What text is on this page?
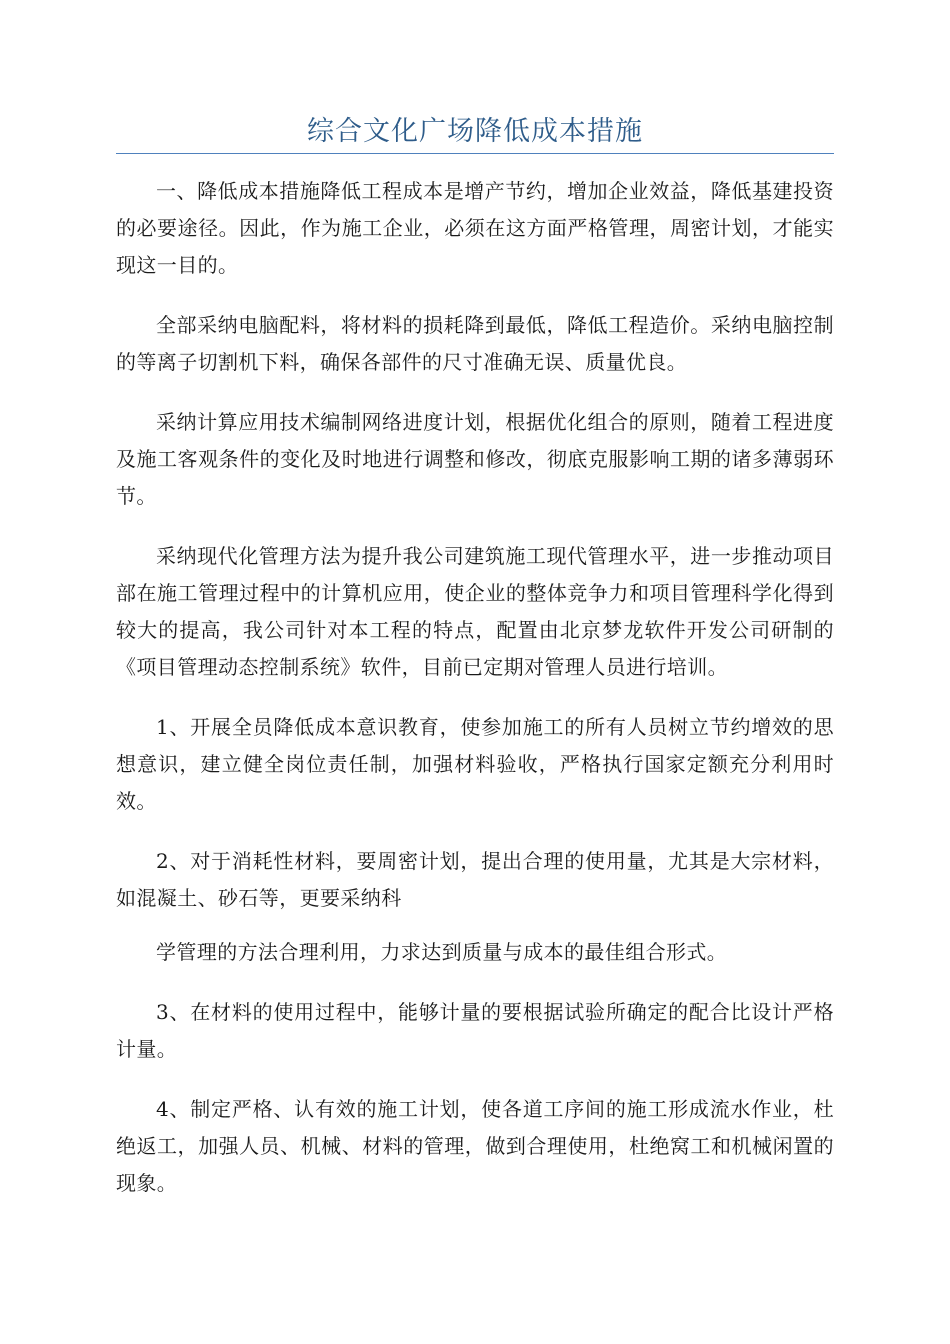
综合文化广场降低成本措施

一、降低成本措施降低工程成本是增产节约，增加企业效益，降低基建投资的必要途径。因此，作为施工企业，必须在这方面严格管理，周密计划，才能实现这一目的。

全部采纳电脑配料，将材料的损耗降到最低，降低工程造价。采纳电脑控制的等离子切割机下料，确保各部件的尺寸准确无误、质量优良。

采纳计算应用技术编制网络进度计划，根据优化组合的原则，随着工程进度及施工客观条件的变化及时地进行调整和修改，彻底克服影响工期的诸多薄弱环节。

采纳现代化管理方法为提升我公司建筑施工现代管理水平，进一步推动项目部在施工管理过程中的计算机应用，使企业的整体竞争力和项目管理科学化得到较大的提高，我公司针对本工程的特点，配置由北京梦龙软件开发公司研制的《项目管理动态控制系统》软件，目前已定期对管理人员进行培训。

1、开展全员降低成本意识教育，使参加施工的所有人员树立节约增效的思想意识，建立健全岗位责任制，加强材料验收，严格执行国家定额充分利用时效。

2、对于消耗性材料，要周密计划，提出合理的使用量，尤其是大宗材料，如混凝土、砂石等，更要采纳科

学管理的方法合理利用，力求达到质量与成本的最佳组合形式。

3、在材料的使用过程中，能够计量的要根据试验所确定的配合比设计严格计量。

4、制定严格、认有效的施工计划，使各道工序间的施工形成流水作业，杜绝返工，加强人员、机械、材料的管理，做到合理使用，杜绝窝工和机械闲置的现象。
